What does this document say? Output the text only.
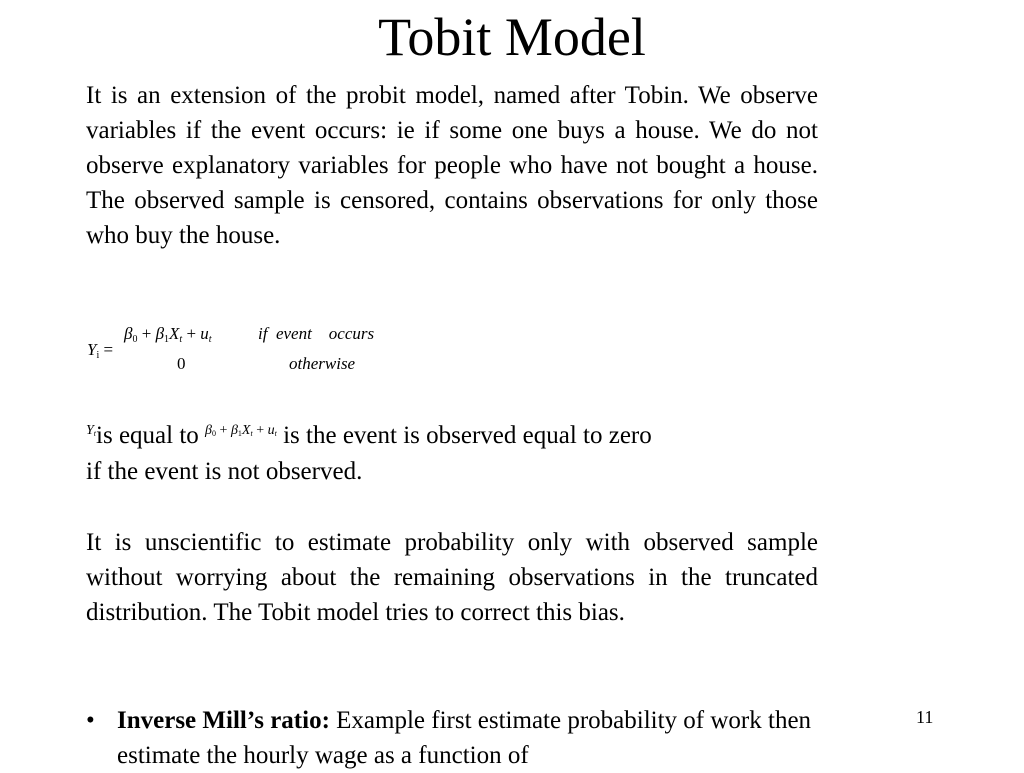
Tobit Model

It is an extension of the probit model, named after Tobin. We observe variables if the event occurs: ie if some one buys a house. We do not observe explanatory variables for people who have not bought a house. The observed sample is censored, contains observations for only those who buy the house.

$Y_i$ =
$\beta_0 + \beta_1X_t + u_t$	if  event    occurs
0	otherwise
$^{Y_t}$is equal to $^{\beta_0 + \beta_1X_t + u_t}$ is the event is observed equal to zero
if the event is not observed.

It is unscientific to estimate probability only with observed sample without worrying about the remaining observations in the truncated distribution. The Tobit model tries to correct this bias.

• Inverse Mill’s ratio: Example first estimate probability of work then estimate the hourly wage as a function of
11
